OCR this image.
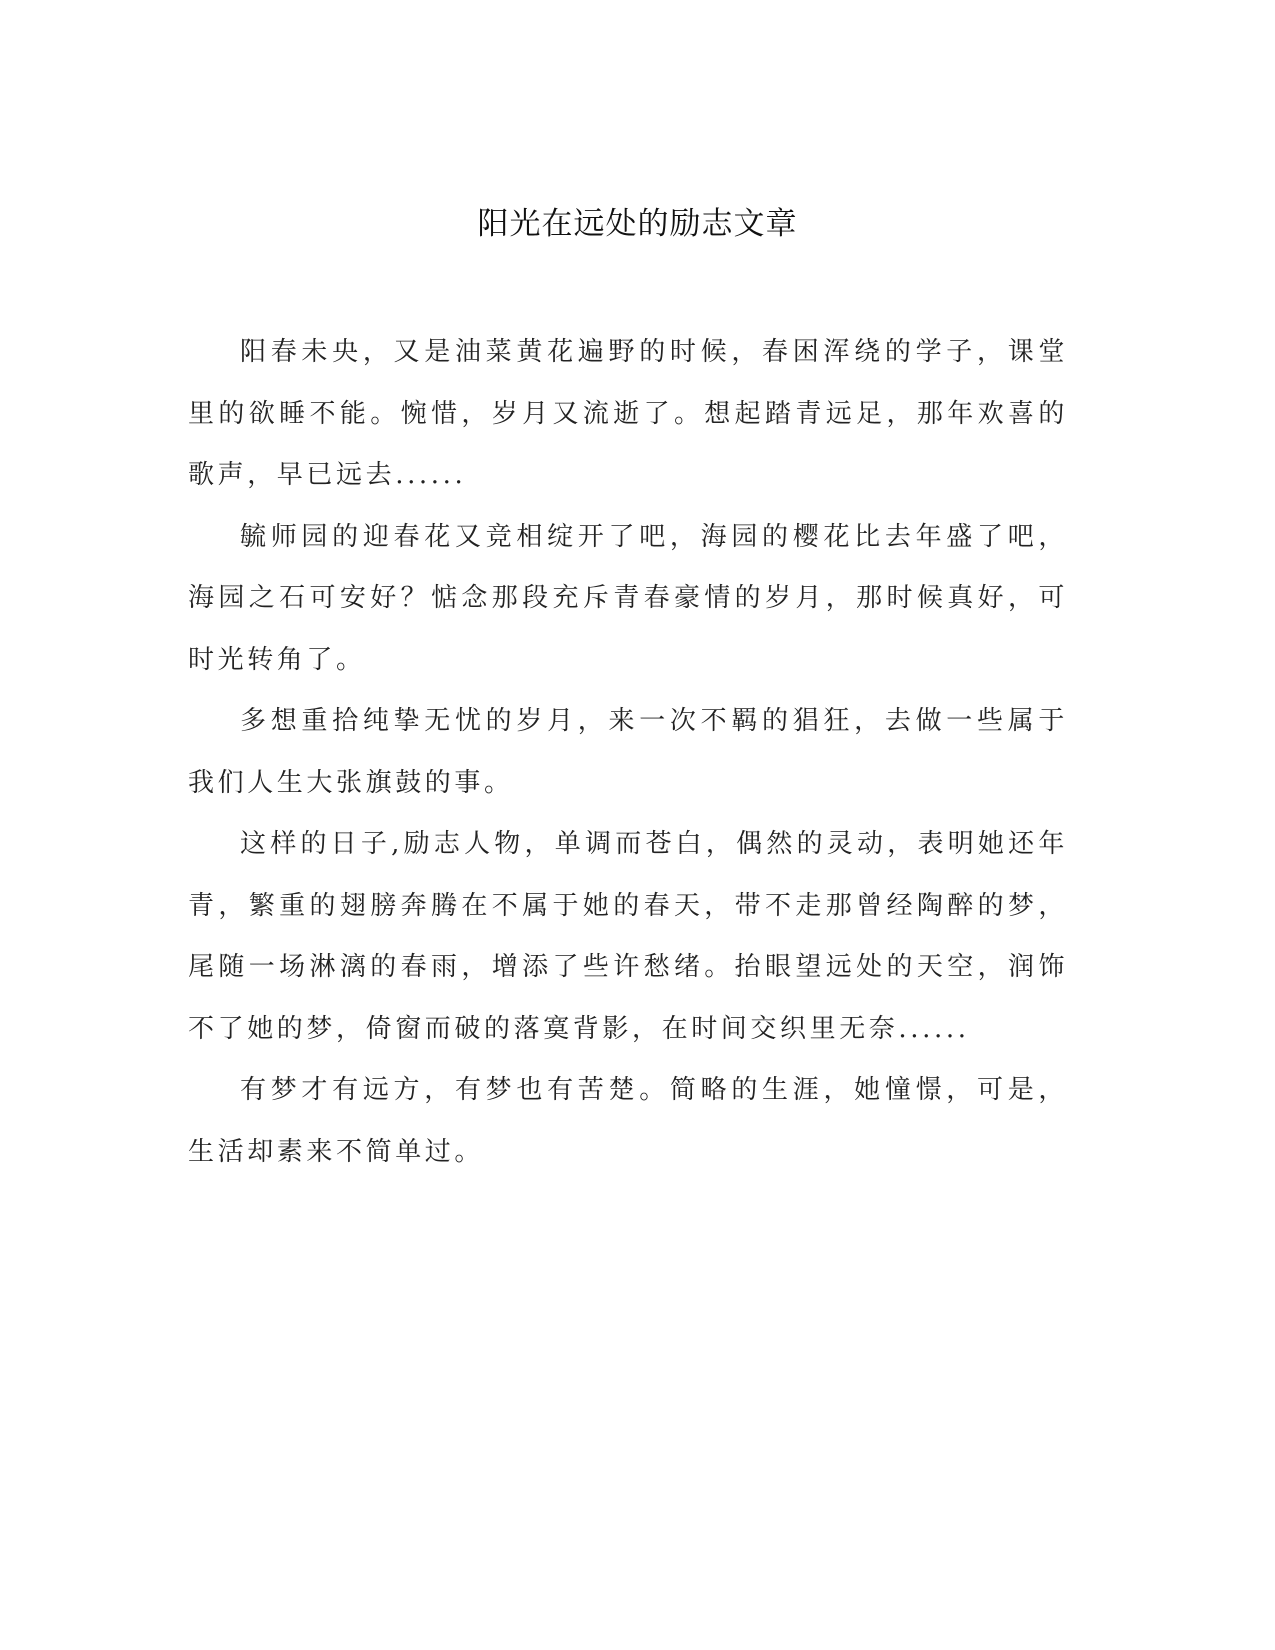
阳光在远处的励志文章

阳春未央，又是油菜黄花遍野的时候，春困浑绕的学子，课堂里的欲睡不能。惋惜，岁月又流逝了。想起踏青远足，那年欢喜的歌声，早已远去......

毓师园的迎春花又竞相绽开了吧，海园的樱花比去年盛了吧，海园之石可安好？惦念那段充斥青春豪情的岁月，那时候真好，可时光转角了。

多想重拾纯挚无忧的岁月，来一次不羁的猖狂，去做一些属于我们人生大张旗鼓的事。

这样的日子,励志人物，单调而苍白，偶然的灵动，表明她还年青，繁重的翅膀奔腾在不属于她的春天，带不走那曾经陶醉的梦，尾随一场淋漓的春雨，增添了些许愁绪。抬眼望远处的天空，润饰不了她的梦，倚窗而破的落寞背影，在时间交织里无奈......

有梦才有远方，有梦也有苦楚。简略的生涯，她憧憬，可是，生活却素来不简单过。
